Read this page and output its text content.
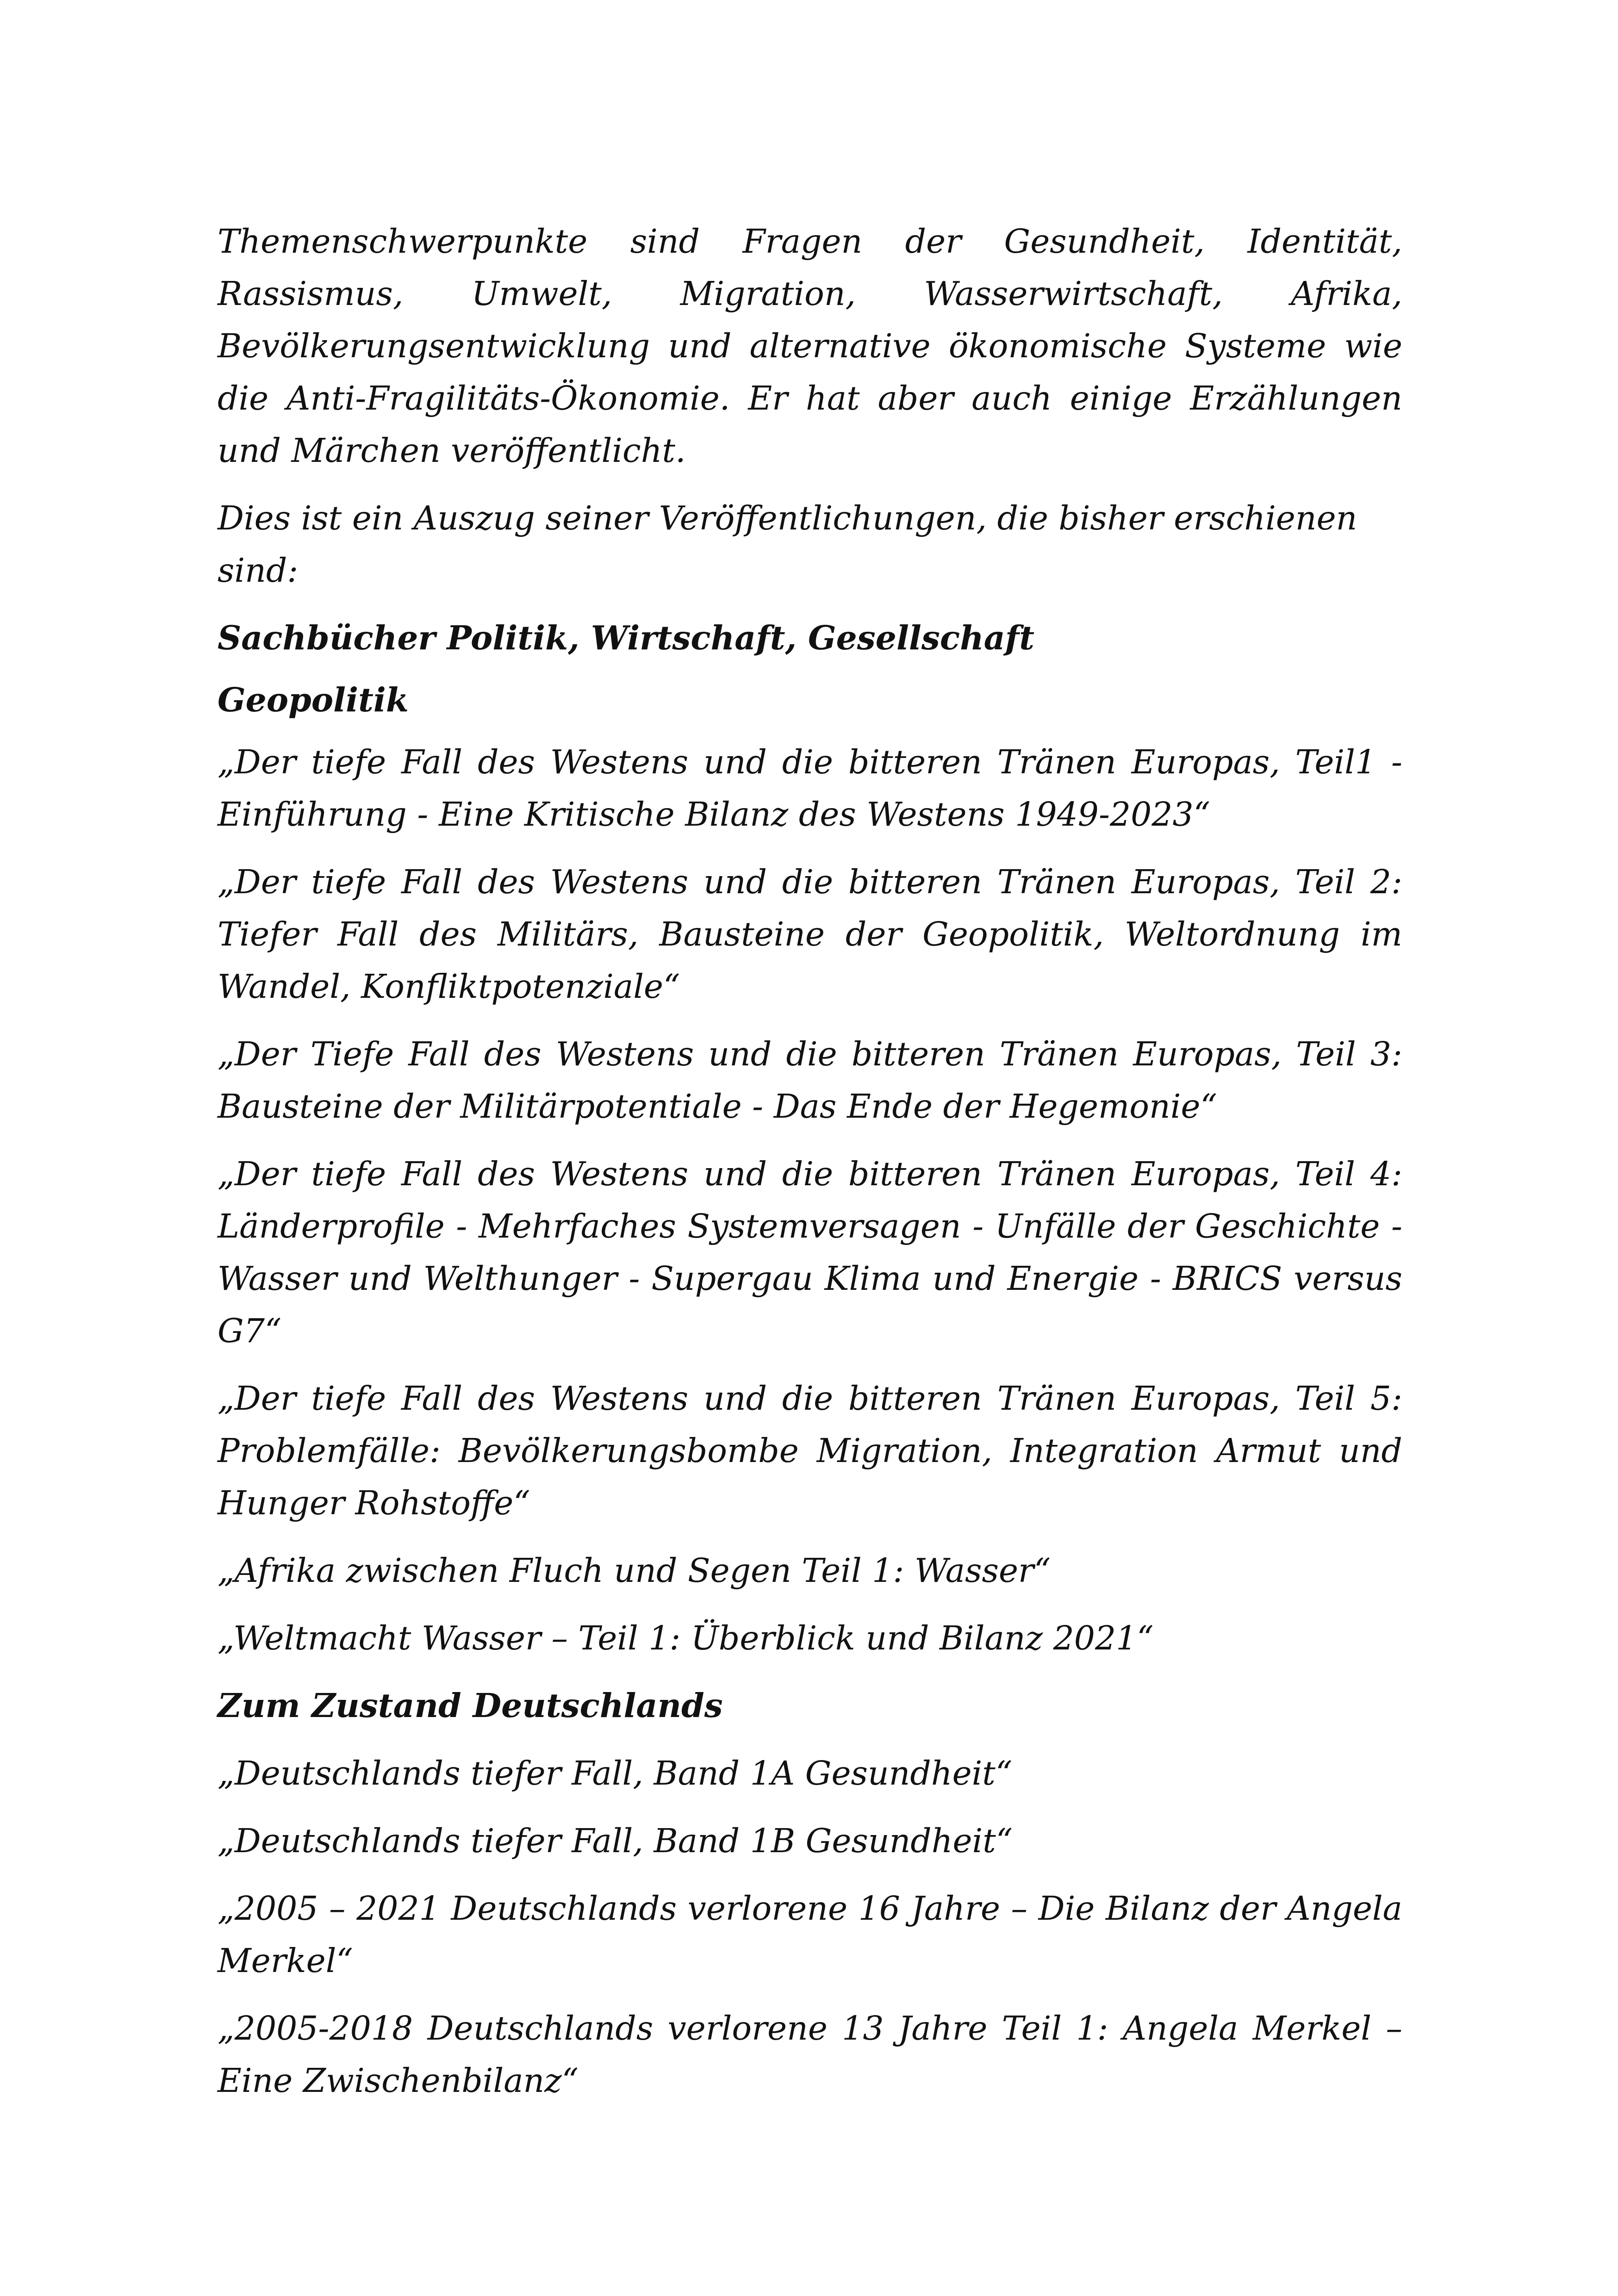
Themenschwerpunkte sind Fragen der Gesundheit, Identität, Rassismus, Umwelt, Migration, Wasserwirtschaft, Afrika, Bevölkerungsentwicklung und alternative ökonomische Systeme wie die Anti-Fragilitäts-Ökonomie. Er hat aber auch einige Erzählungen und Märchen veröffentlicht.

Dies ist ein Auszug seiner Veröffentlichungen, die bisher erschienen sind:

Sachbücher Politik, Wirtschaft, Gesellschaft

Geopolitik

„Der tiefe Fall des Westens und die bitteren Tränen Europas, Teil1 - Einführung - Eine Kritische Bilanz des Westens 1949-2023“

„Der tiefe Fall des Westens und die bitteren Tränen Europas, Teil 2: Tiefer Fall des Militärs, Bausteine der Geopolitik, Weltordnung im Wandel, Konfliktpotenziale“

„Der Tiefe Fall des Westens und die bitteren Tränen Europas, Teil 3: Bausteine der Militärpotentiale - Das Ende der Hegemonie“

„Der tiefe Fall des Westens und die bitteren Tränen Europas, Teil 4: Länderprofile - Mehrfaches Systemversagen - Unfälle der Geschichte - Wasser und Welthunger - Supergau Klima und Energie - BRICS versus G7“

„Der tiefe Fall des Westens und die bitteren Tränen Europas, Teil 5: Problemfälle: Bevölkerungsbombe Migration, Integration Armut und Hunger Rohstoffe“

„Afrika zwischen Fluch und Segen Teil 1: Wasser“

„Weltmacht Wasser – Teil 1: Überblick und Bilanz 2021“

Zum Zustand Deutschlands

„Deutschlands tiefer Fall, Band 1A Gesundheit“

„Deutschlands tiefer Fall, Band 1B Gesundheit“

„2005 – 2021 Deutschlands verlorene 16 Jahre – Die Bilanz der Angela Merkel“

„2005-2018 Deutschlands verlorene 13 Jahre Teil 1: Angela Merkel – Eine Zwischenbilanz“
